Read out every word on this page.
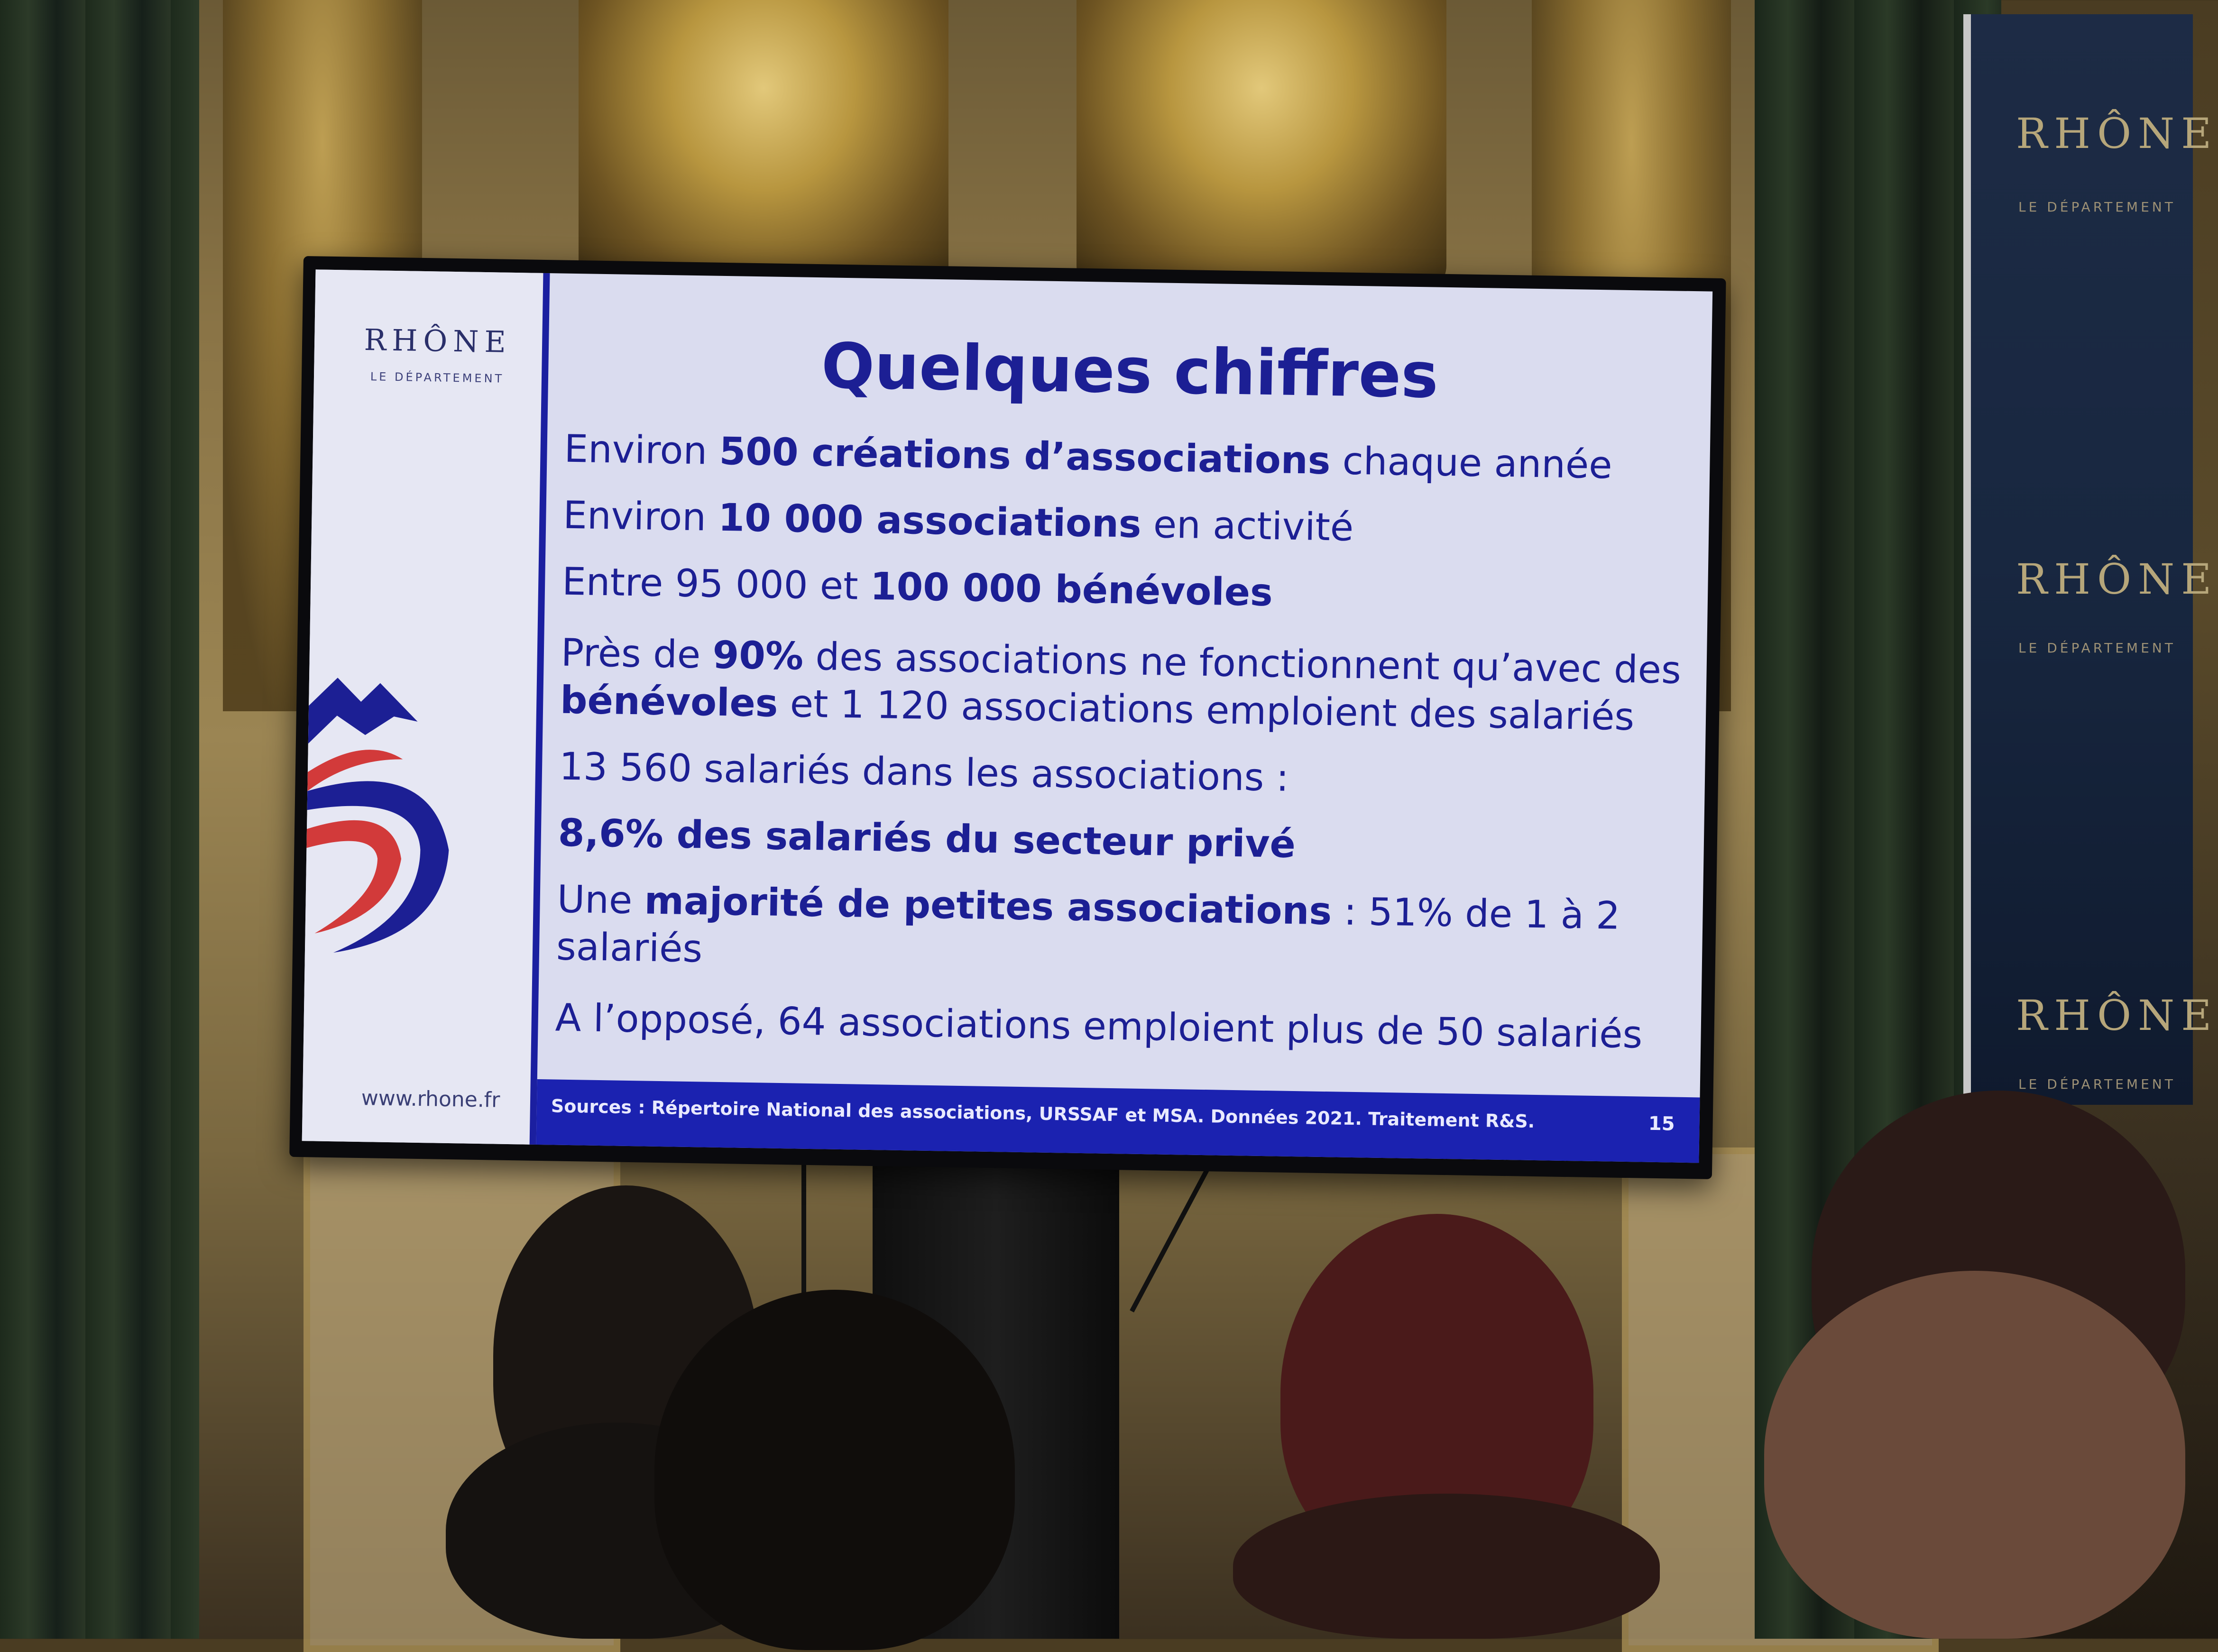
RHÔNE
LE DÉPARTEMENT
RHÔNE
LE DÉPARTEMENT
RHÔNE
LE DÉPARTEMENT
RHÔNE
LE DÉPARTEMENT
www.rhone.fr
Quelques chiffres
Environ 500 créations d’associations chaque année
Environ 10 000 associations en activité
Entre 95 000 et 100 000 bénévoles
Près de 90% des associations ne fonctionnent qu’avec des bénévoles et 1 120 associations emploient des salariés
13 560 salariés dans les associations :
8,6% des salariés du secteur privé
Une majorité de petites associations : 51% de 1 à 2 salariés
A l’opposé, 64 associations emploient plus de 50 salariés
Sources : Répertoire National des associations, URSSAF et MSA. Données 2021. Traitement R&S.	15
